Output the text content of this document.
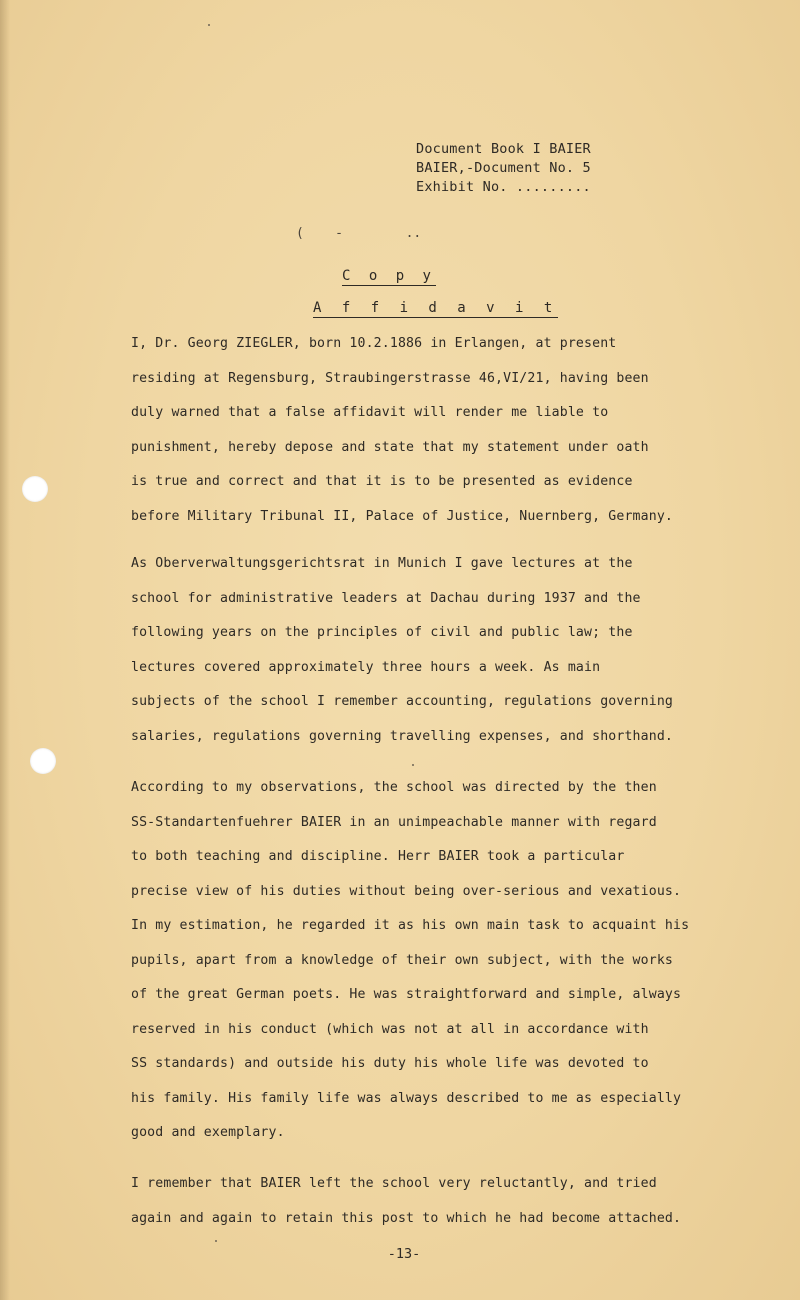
Document Book I BAIER
BAIER,-Document No. 5
Exhibit No. .........
(    -        ..
C o p y
A f f i d a v i t
I, Dr. Georg ZIEGLER, born 10.2.1886 in Erlangen, at present
residing at Regensburg, Straubingerstrasse 46,VI/21, having been
duly warned that a false affidavit will render me liable to
punishment, hereby depose and state that my statement under oath
is true and correct and that it is to be presented as evidence
before Military Tribunal II, Palace of Justice, Nuernberg, Germany.
As Oberverwaltungsgerichtsrat in Munich I gave lectures at the
school for administrative leaders at Dachau during 1937 and the
following years on the principles of civil and public law; the
lectures covered approximately three hours a week. As main
subjects of the school I remember accounting, regulations governing
salaries, regulations governing travelling expenses, and shorthand.
According to my observations, the school was directed by the then
SS-Standartenfuehrer BAIER in an unimpeachable manner with regard
to both teaching and discipline. Herr BAIER took a particular
precise view of his duties without being over-serious and vexatious.
In my estimation, he regarded it as his own main task to acquaint his
pupils, apart from a knowledge of their own subject, with the works
of the great German poets. He was straightforward and simple, always
reserved in his conduct (which was not at all in accordance with
SS standards) and outside his duty his whole life was devoted to
his family. His family life was always described to me as especially
good and exemplary.
I remember that BAIER left the school very reluctantly, and tried
again and again to retain this post to which he had become attached.
-13-
